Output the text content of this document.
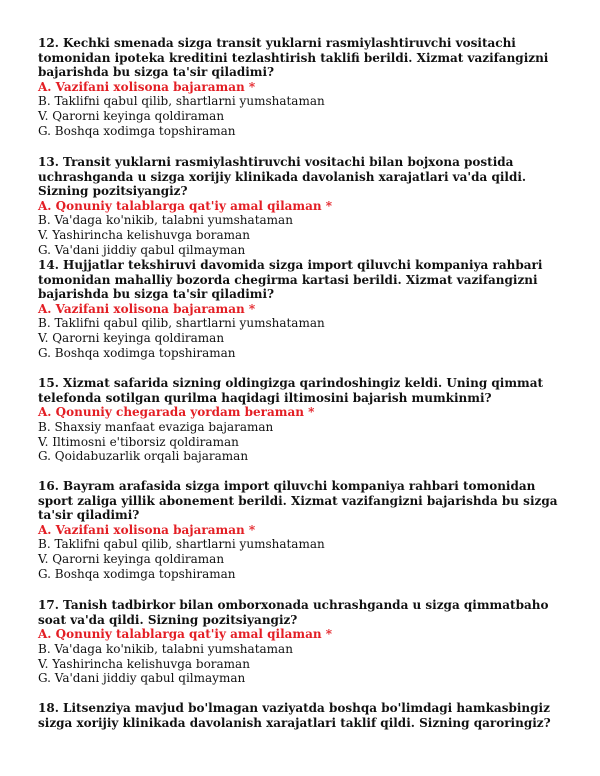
12. Kechki smenada sizga transit yuklarni rasmiylashtiruvchi vositachi tomonidan ipoteka kreditini tezlashtirish taklifi berildi. Xizmat vazifangizni bajarishda bu sizga ta'sir qiladimi?

A. Vazifani xolisona bajaraman *

B. Taklifni qabul qilib, shartlarni yumshataman

V. Qarorni keyinga qoldiraman

G. Boshqa xodimga topshiraman

13. Transit yuklarni rasmiylashtiruvchi vositachi bilan bojxona postida uchrashganda u sizga xorijiy klinikada davolanish xarajatlari va'da qildi. Sizning pozitsiyangiz?

A. Qonuniy talablarga qat'iy amal qilaman *

B. Va'daga ko'nikib, talabni yumshataman

V. Yashirincha kelishuvga boraman

G. Va'dani jiddiy qabul qilmayman

14. Hujjatlar tekshiruvi davomida sizga import qiluvchi kompaniya rahbari tomonidan mahalliy bozorda chegirma kartasi berildi. Xizmat vazifangizni bajarishda bu sizga ta'sir qiladimi?

A. Vazifani xolisona bajaraman *

B. Taklifni qabul qilib, shartlarni yumshataman

V. Qarorni keyinga qoldiraman

G. Boshqa xodimga topshiraman

15. Xizmat safarida sizning oldingizga qarindoshingiz keldi. Uning qimmat telefonda sotilgan qurilma haqidagi iltimosini bajarish mumkinmi?

A. Qonuniy chegarada yordam beraman *

B. Shaxsiy manfaat evaziga bajaraman

V. Iltimosni e'tiborsiz qoldiraman

G. Qoidabuzarlik orqali bajaraman

16. Bayram arafasida sizga import qiluvchi kompaniya rahbari tomonidan sport zaliga yillik abonement berildi. Xizmat vazifangizni bajarishda bu sizga ta'sir qiladimi?

A. Vazifani xolisona bajaraman *

B. Taklifni qabul qilib, shartlarni yumshataman

V. Qarorni keyinga qoldiraman

G. Boshqa xodimga topshiraman

17. Tanish tadbirkor bilan omborxonada uchrashganda u sizga qimmatbaho soat va'da qildi. Sizning pozitsiyangiz?

A. Qonuniy talablarga qat'iy amal qilaman *

B. Va'daga ko'nikib, talabni yumshataman

V. Yashirincha kelishuvga boraman

G. Va'dani jiddiy qabul qilmayman

18. Litsenziya mavjud bo'lmagan vaziyatda boshqa bo'limdagi hamkasbingiz sizga xorijiy klinikada davolanish xarajatlari taklif qildi. Sizning qaroringiz?
